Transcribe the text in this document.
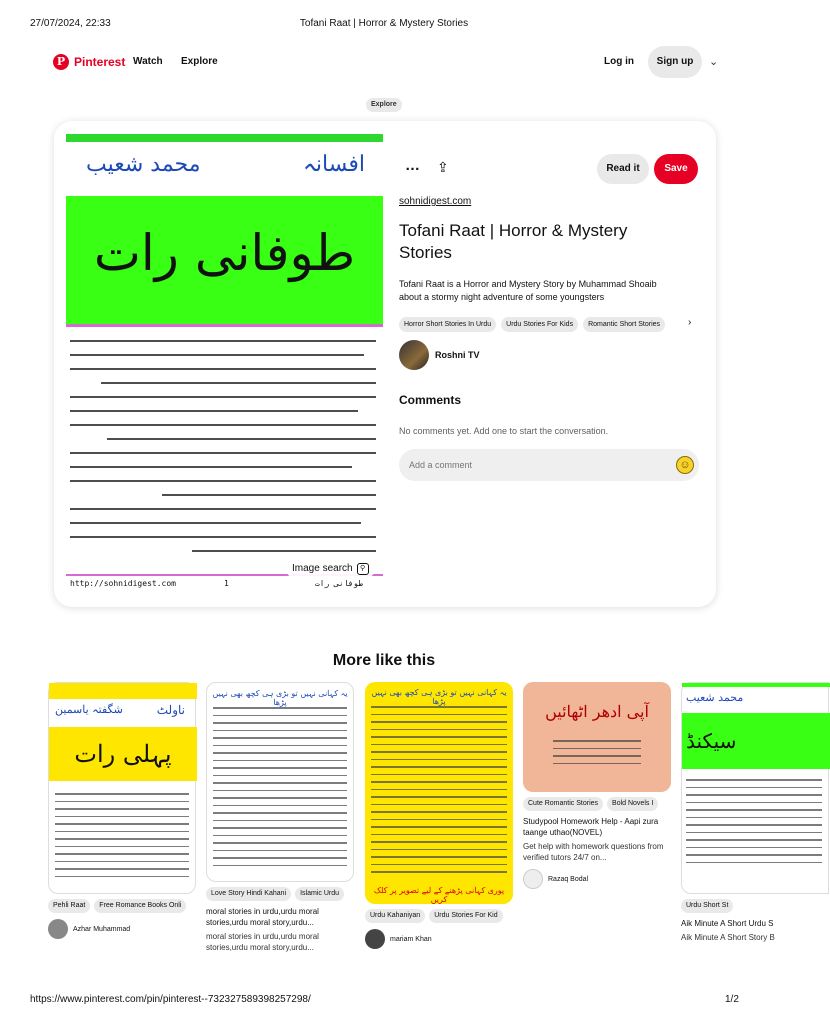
27/07/2024, 22:33	Tofani Raat | Horror & Mystery Stories
P Pinterest Watch Explore	Log in	Sign up	⌄
Explore
افسانہ
محمد شعیب
طوفانی رات
http://sohnidigest.com	1	طوفانی رات
Image search	⚲
… ⇪	Read it	Save
sohnidigest.com
Tofani Raat | Horror & Mystery Stories
Tofani Raat is a Horror and Mystery Story by Muhammad Shoaib about a stormy night adventure of some youngsters
Horror Short Stories In Urdu	Urdu Stories For Kids	Romantic Short Stories	›
Roshni TV
Comments
No comments yet. Add one to start the conversation.
Add a comment	☺
More like this
ناولٹ
شگفتہ یاسمین
پہلی رات
Pehli Raat	Free Romance Books Onli
Azhar Muhammad
یہ کہانی نہیں تو بڑی ہی کچھ بھی نہیں پڑھا
Love Story Hindi Kahani	Islamic Urdu
moral stories in urdu,urdu moral stories,urdu moral story,urdu...
moral stories in urdu,urdu moral stories,urdu moral story,urdu...
یہ کہانی نہیں تو بڑی ہی کچھ بھی نہیں پڑھا
پوری کہانی پڑھنے کے لیے تصویر پر کلک کریں
Urdu Kahaniyan	Urdu Stories For Kid
mariam Khan
آپی ادھر اٹھائیں
Cute Romantic Stories	Bold Novels I
Studypool Homework Help - Aapi zura taange uthao(NOVEL)
Get help with homework questions from verified tutors 24/7 on...
Razaq Bodal
محمد شعیب
سیکنڈ
Urdu Short St
Aik Minute A Short Urdu S
Aik Minute A Short Story B
https://www.pinterest.com/pin/pinterest--732327589398257298/	1/2
